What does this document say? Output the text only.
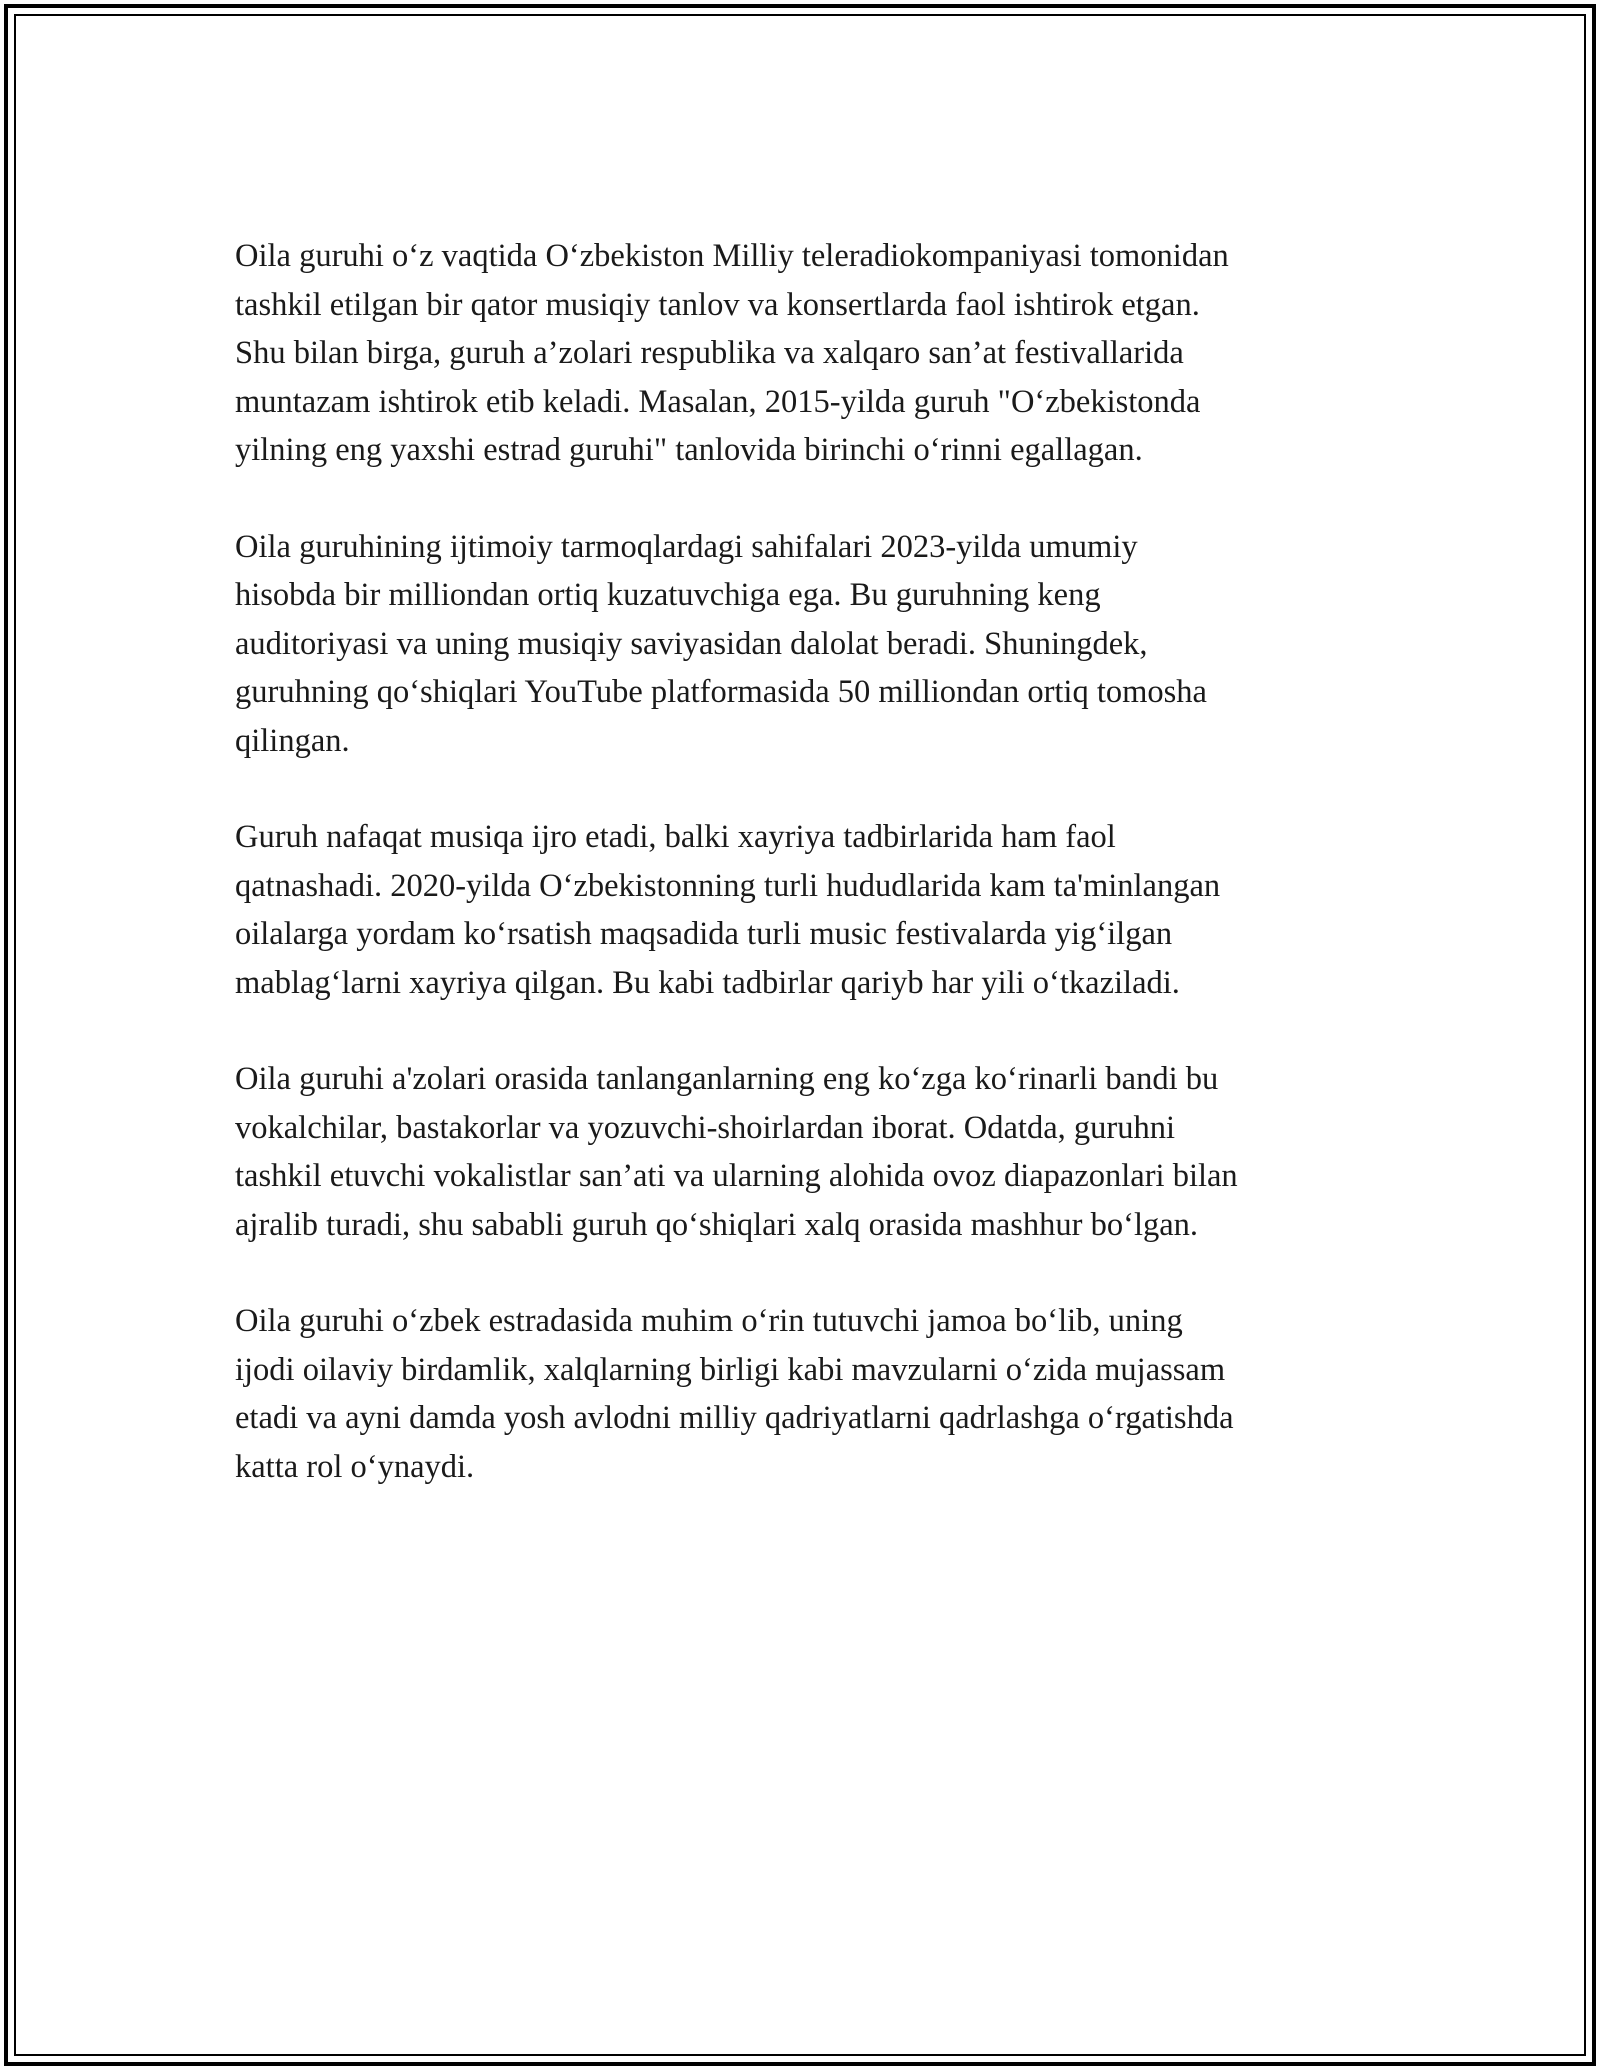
Oila guruhi o‘z vaqtida O‘zbekiston Milliy teleradiokompaniyasi tomonidan
tashkil etilgan bir qator musiqiy tanlov va konsertlarda faol ishtirok etgan.
Shu bilan birga, guruh a’zolari respublika va xalqaro san’at festivallarida
muntazam ishtirok etib keladi. Masalan, 2015-yilda guruh "O‘zbekistonda
yilning eng yaxshi estrad guruhi" tanlovida birinchi o‘rinni egallagan.

Oila guruhining ijtimoiy tarmoqlardagi sahifalari 2023-yilda umumiy
hisobda bir milliondan ortiq kuzatuvchiga ega. Bu guruhning keng
auditoriyasi va uning musiqiy saviyasidan dalolat beradi. Shuningdek,
guruhning qo‘shiqlari YouTube platformasida 50 milliondan ortiq tomosha
qilingan.

Guruh nafaqat musiqa ijro etadi, balki xayriya tadbirlarida ham faol
qatnashadi. 2020-yilda O‘zbekistonning turli hududlarida kam ta'minlangan
oilalarga yordam ko‘rsatish maqsadida turli music festivalarda yig‘ilgan
mablag‘larni xayriya qilgan. Bu kabi tadbirlar qariyb har yili o‘tkaziladi.

Oila guruhi a'zolari orasida tanlanganlarning eng ko‘zga ko‘rinarli bandi bu
vokalchilar, bastakorlar va yozuvchi-shoirlardan iborat. Odatda, guruhni
tashkil etuvchi vokalistlar san’ati va ularning alohida ovoz diapazonlari bilan
ajralib turadi, shu sababli guruh qo‘shiqlari xalq orasida mashhur bo‘lgan.

Oila guruhi o‘zbek estradasida muhim o‘rin tutuvchi jamoa bo‘lib, uning
ijodi oilaviy birdamlik, xalqlarning birligi kabi mavzularni o‘zida mujassam
etadi va ayni damda yosh avlodni milliy qadriyatlarni qadrlashga o‘rgatishda
katta rol o‘ynaydi.
